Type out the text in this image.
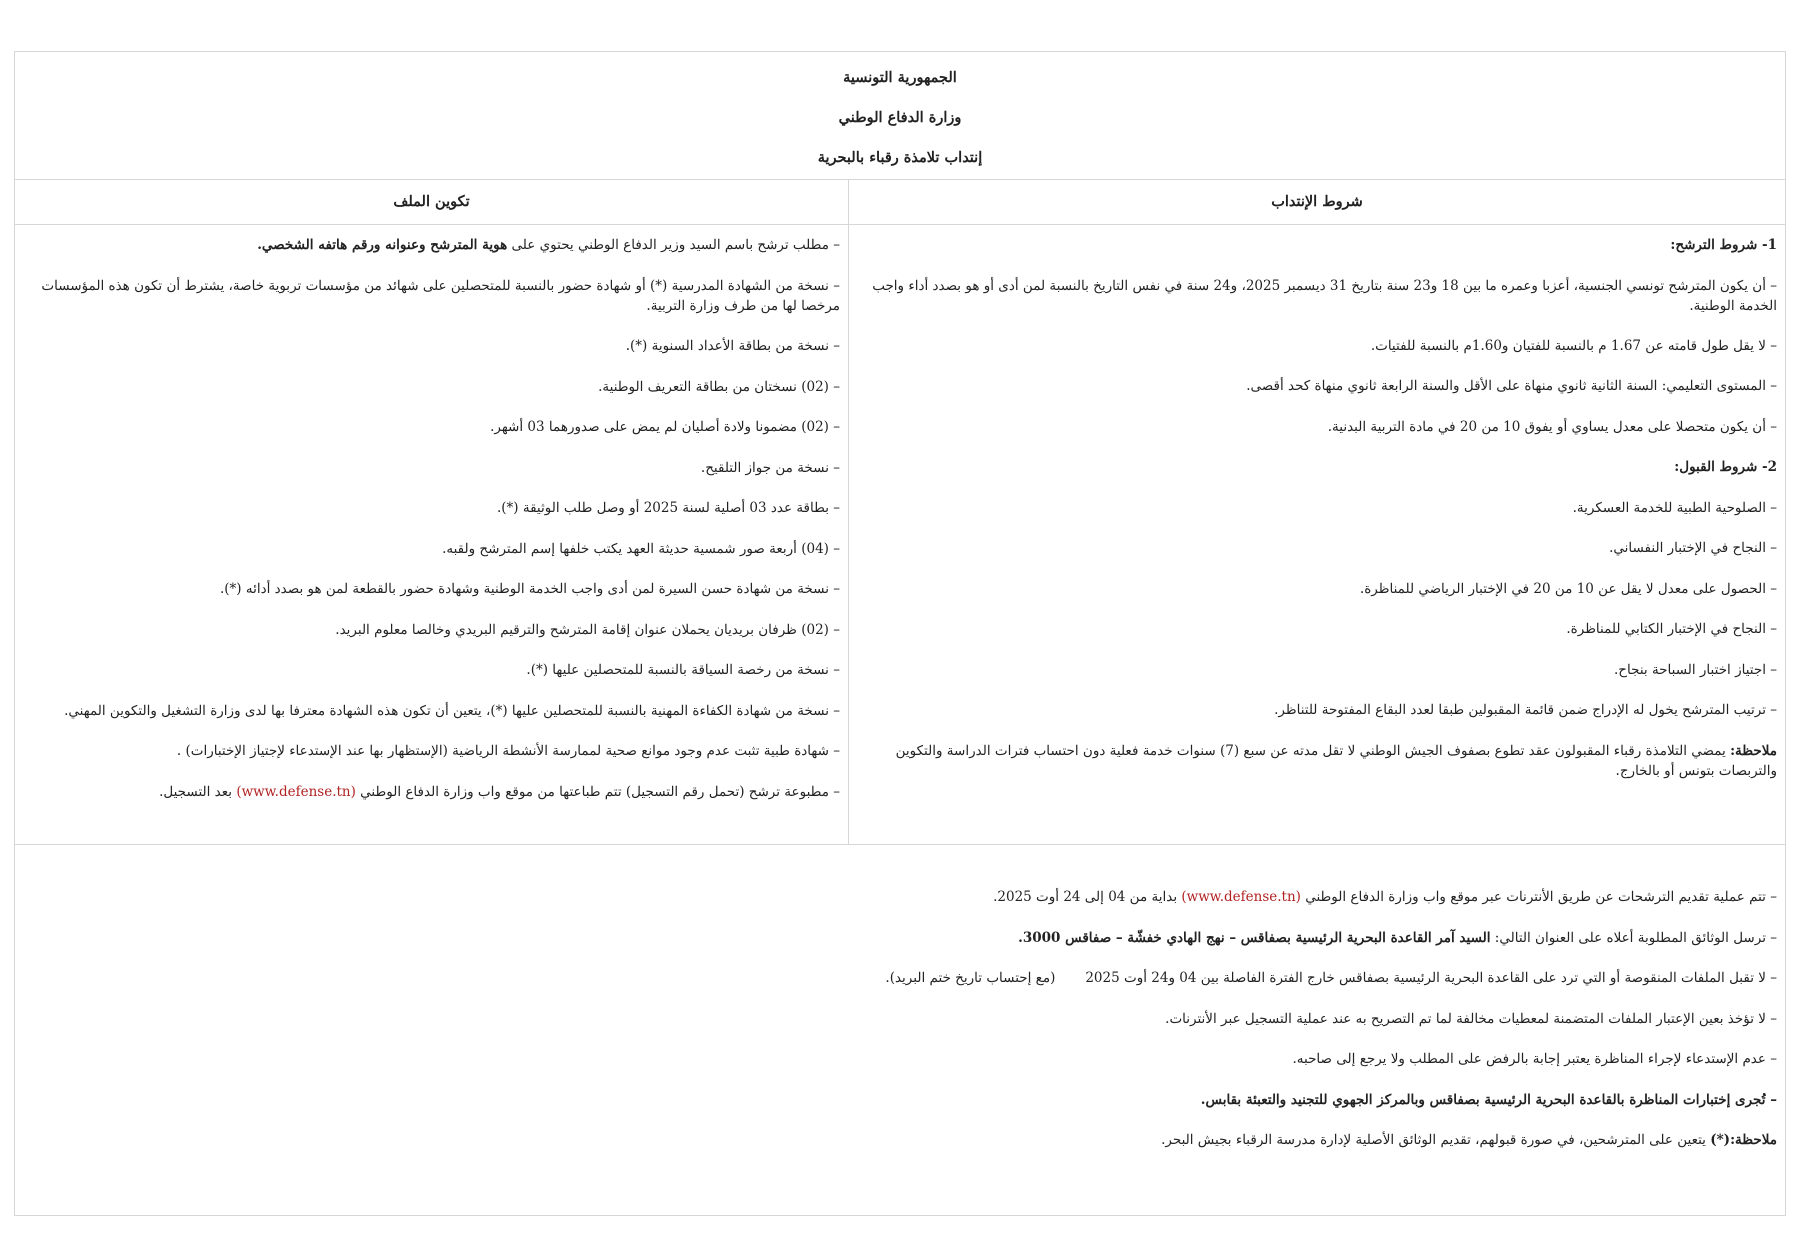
الجمهورية التونسية
وزارة الدفاع الوطني
إنتداب تلامذة رقباء بالبحرية
شروط الإنتداب
تكوين الملف
1- شروط الترشح:
– أن يكون المترشح تونسي الجنسية، أعزبا وعمره ما بين 18 و23 سنة بتاريخ 31 ديسمبر 2025، و24 سنة في نفس التاريخ بالنسبة لمن أدى أو هو بصدد أداء واجب الخدمة الوطنية.
– لا يقل طول قامته عن 1.67 م بالنسبة للفتيان و1.60م بالنسبة للفتيات.
– المستوى التعليمي: السنة الثانية ثانوي منهاة على الأقل والسنة الرابعة ثانوي منهاة كحد أقصى.
– أن يكون متحصلا على معدل يساوي أو يفوق 10 من 20 في مادة التربية البدنية.
2- شروط القبول:
– الصلوحية الطبية للخدمة العسكرية.
– النجاح في الإختبار النفساني.
– الحصول على معدل لا يقل عن 10 من 20 في الإختبار الرياضي للمناظرة.
– النجاح في الإختبار الكتابي للمناظرة.
– اجتياز اختبار السباحة بنجاح.
– ترتيب المترشح يخول له الإدراج ضمن قائمة المقبولين طبقا لعدد البقاع المفتوحة للتناظر.
ملاحظة: يمضي التلامذة رقباء المقبولون عقد تطوع بصفوف الجيش الوطني لا تقل مدته عن سبع (7) سنوات خدمة فعلية دون احتساب فترات الدراسة والتكوين والتربصات بتونس أو بالخارج.
– مطلب ترشح باسم السيد وزير الدفاع الوطني يحتوي على هوية المترشح وعنوانه ورقم هاتفه الشخصي.
– نسخة من الشهادة المدرسية (*) أو شهادة حضور بالنسبة للمتحصلين على شهائد من مؤسسات تربوية خاصة، يشترط أن تكون هذه المؤسسات مرخصا لها من طرف وزارة التربية.
– نسخة من بطاقة الأعداد السنوية (*).
– (02) نسختان من بطاقة التعريف الوطنية.
– (02) مضمونا ولادة أصليان لم يمض على صدورهما 03 أشهر.
– نسخة من جواز التلقيح.
– بطاقة عدد 03 أصلية لسنة 2025 أو وصل طلب الوثيقة (*).
– (04) أربعة صور شمسية حديثة العهد يكتب خلفها إسم المترشح ولقبه.
– نسخة من شهادة حسن السيرة لمن أدى واجب الخدمة الوطنية وشهادة حضور بالقطعة لمن هو بصدد أدائه (*).
– (02) ظرفان بريديان يحملان عنوان إقامة المترشح والترقيم البريدي وخالصا معلوم البريد.
– نسخة من رخصة السياقة بالنسبة للمتحصلين عليها (*).
– نسخة من شهادة الكفاءة المهنية بالنسبة للمتحصلين عليها (*)، يتعين أن تكون هذه الشهادة معترفا بها لدى وزارة التشغيل والتكوين المهني.
– شهادة طبية تثبت عدم وجود موانع صحية لممارسة الأنشطة الرياضية (الإستظهار بها عند الإستدعاء لإجتياز الإختبارات) .
– مطبوعة ترشح (تحمل رقم التسجيل) تتم طباعتها من موقع واب وزارة الدفاع الوطني (www.defense.tn) بعد التسجيل.
– تتم عملية تقديم الترشحات عن طريق الأنترنات عبر موقع واب وزارة الدفاع الوطني (www.defense.tn) بداية من 04 إلى 24 أوت 2025.
– ترسل الوثائق المطلوبة أعلاه على العنوان التالي: السيد آمر القاعدة البحرية الرئيسية بصفاقس – نهج الهادي خفشّة – صفاقس 3000.
– لا تقبل الملفات المنقوصة أو التي ترد على القاعدة البحرية الرئيسية بصفاقس خارج الفترة الفاصلة بين 04 و24 أوت 2025(مع إحتساب تاريخ ختم البريد).
– لا تؤخذ بعين الإعتبار الملفات المتضمنة لمعطيات مخالفة لما تم التصريح به عند عملية التسجيل عبر الأنترنات.
– عدم الإستدعاء لإجراء المناظرة يعتبر إجابة بالرفض على المطلب ولا يرجع إلى صاحبه.
– تُجرى إختبارات المناظرة بالقاعدة البحرية الرئيسية بصفاقس وبالمركز الجهوي للتجنيد والتعبئة بقابس.
ملاحظة:(*) يتعين على المترشحين، في صورة قبولهم، تقديم الوثائق الأصلية لإدارة مدرسة الرقباء بجيش البحر.
